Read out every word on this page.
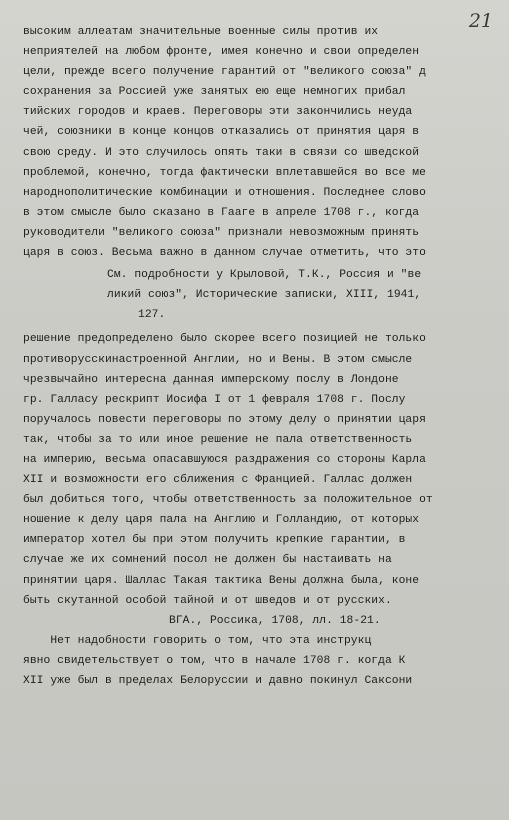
21
высоким аллеатам значительные военные силы против их
неприятелей на любом фронте, имея конечно и свои определен
цели, прежде всего получение гарантий от "великого союза" д
сохранения за Россией уже занятых ею еще немногих прибал
тийских городов и краев. Переговоры эти закончились неуда
чей, союзники в конце концов отказались от принятия царя в
свою среду. И это случилось опять таки в связи со шведской
проблемой, конечно, тогда фактически вплетавшейся во все ме
народнополитические комбинации и отношения. Последнее слово
в этом смысле было сказано в Гааге в апреле 1708 г., когда
руководители "великого союза" признали невозможным принять
царя в союз. Весьма важно в данном случае отметить, что это
См. подробности у Крыловой, Т.К., Россия и "ве
ликий союз", Исторические записки, XIII, 1941,
127.
решение предопределено было скорее всего позицией не только
противорусскинастроенной Англии, но и Вены. В этом смысле
чрезвычайно интересна данная имперскому послу в Лондоне
гр. Галласу рескрипт Иосифа I от 1 февраля 1708 г. Послу
поручалось повести переговоры по этому делу о принятии царя
так, чтобы за то или иное решение не пала ответственность
на империю, весьма опасавшуюся раздражения со стороны Карла
XII и возможности его сближения с Францией. Галлас должен
был добиться того, чтобы ответственность за положительное от
ношение к делу царя пала на Англию и Голландию, от которых
император хотел бы при этом получить крепкие гарантии, в
случае же их сомнений посол не должен бы настаивать на
принятии царя. Шаллас Такая тактика Вены должна была, коне
быть скутанной особой тайной и от шведов и от русских.
ВГА., Россика, 1708, лл. 18-21.
Нет надобности говорить о том, что эта инструкц
явно свидетельствует о том, что в начале 1708 г. когда К
XII уже был в пределах Белоруссии и давно покинул Саксони
